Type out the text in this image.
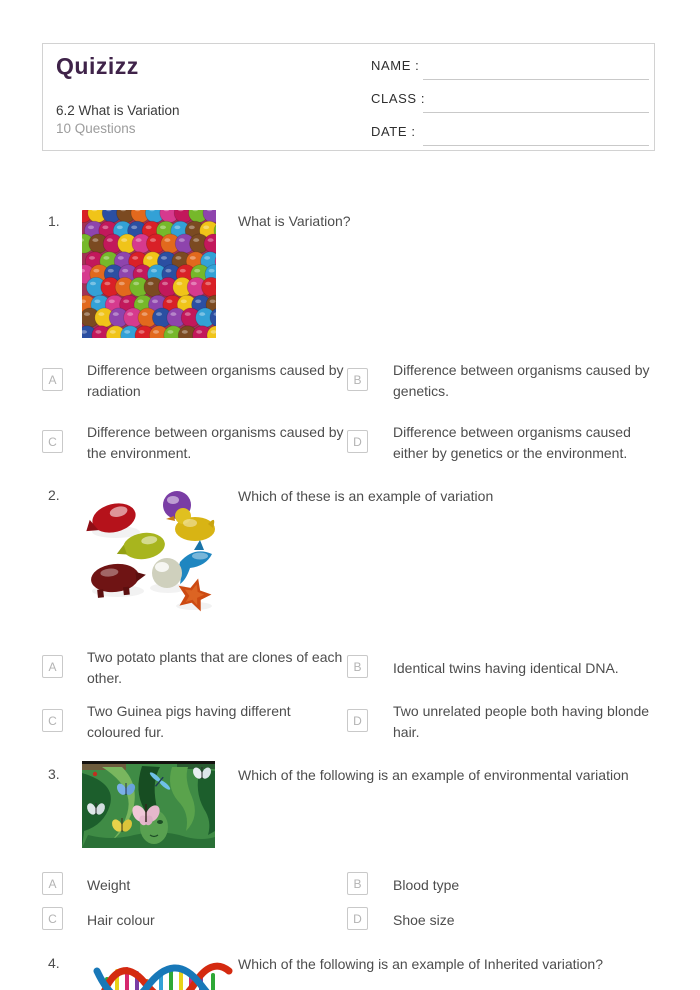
Quizizz
6.2 What is Variation
10 Questions
NAME :
CLASS :
DATE :
1.	What is Variation?
A
Difference between organisms caused by radiation
B
Difference between organisms caused by genetics.
C
Difference between organisms caused by the environment.
D
Difference between organisms caused either by genetics or the environment.
2.	Which of these is an example of variation
A
Two potato plants that are clones of each other.
B	Identical twins having identical DNA.
C
Two Guinea pigs having different coloured fur.
D
Two unrelated people both having blonde hair.
3.	Which of the following is an example of environmental variation
A	Weight	B	Blood type
C	Hair colour	D	Shoe size
4.	Which of the following is an example of Inherited variation?
